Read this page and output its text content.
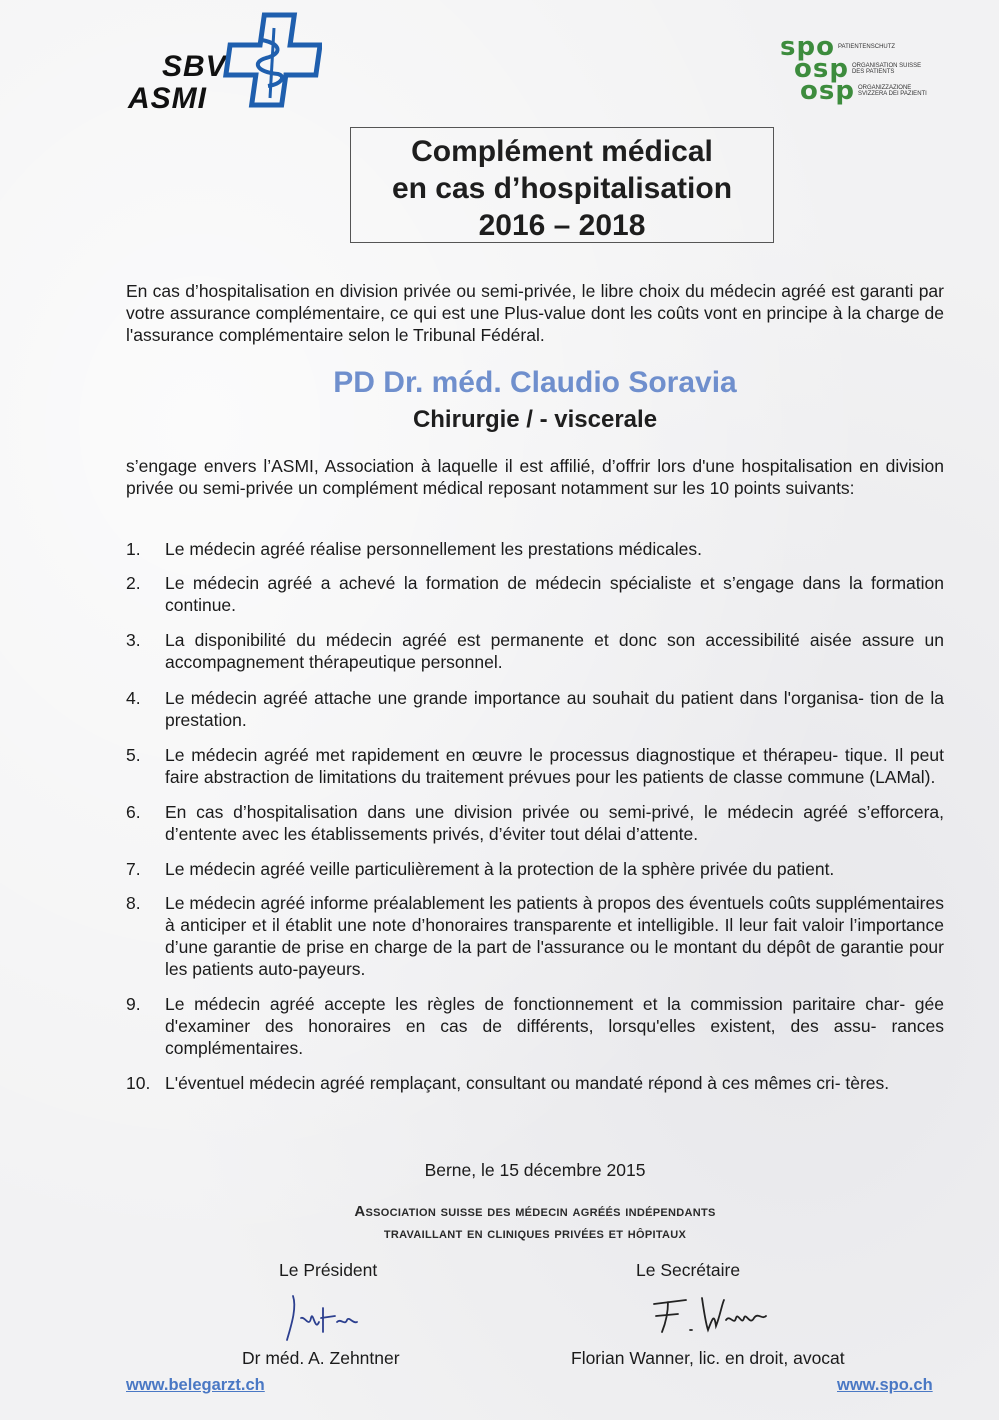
SBV
ASMI
spo PATIENTENSCHUTZ
osp ORGANISATION SUISSE DES PATIENTS
osp ORGANIZZAZIONE SVIZZERA DEI PAZIENTI
Complément médical
en cas d’hospitalisation
2016 – 2018
En cas d’hospitalisation en division privée ou semi-privée, le libre choix du médecin agréé est garanti par votre assurance complémentaire, ce qui est une Plus-value dont les coûts vont en principe à la charge de l'assurance complémentaire selon le Tribunal Fédéral.
PD Dr. méd. Claudio Soravia
Chirurgie / - viscerale
s’engage envers l’ASMI, Association à laquelle il est affilié, d’offrir lors d'une hospitalisation en division privée ou semi-privée un complément médical reposant notamment sur les 10 points suivants:
1. Le médecin agréé réalise personnellement les prestations médicales.
2. Le médecin agréé a achevé la formation de médecin spécialiste et s’engage dans la formation continue.
3. La disponibilité du médecin agréé est permanente et donc son accessibilité aisée assure un accompagnement thérapeutique personnel.
4. Le médecin agréé attache une grande importance au souhait du patient dans l'organisa- tion de la prestation.
5. Le médecin agréé met rapidement en œuvre le processus diagnostique et thérapeu- tique. Il peut faire abstraction de limitations du traitement prévues pour les patients de classe commune (LAMal).
6. En cas d’hospitalisation dans une division privée ou semi-privé, le médecin agréé s’efforcera, d’entente avec les établissements privés, d’éviter tout délai d’attente.
7. Le médecin agréé veille particulièrement à la protection de la sphère privée du patient.
8. Le médecin agréé informe préalablement les patients à propos des éventuels coûts supplémentaires à anticiper et il établit une note d’honoraires transparente et intelligible. Il leur fait valoir l’importance d’une garantie de prise en charge de la part de l'assurance ou le montant du dépôt de garantie pour les patients auto-payeurs.
9. Le médecin agréé accepte les règles de fonctionnement et la commission paritaire char- gée d'examiner des honoraires en cas de différents, lorsqu'elles existent, des assu- rances complémentaires.
10. L'éventuel médecin agréé remplaçant, consultant ou mandaté répond à ces mêmes cri- tères.
Berne, le 15 décembre 2015
Association suisse des médecin agréés indépendants
travaillant en cliniques privées et hôpitaux
Le Président	Le Secrétaire
Dr méd. A. Zehntner	Florian Wanner, lic. en droit, avocat
www.belegarzt.ch	www.spo.ch
